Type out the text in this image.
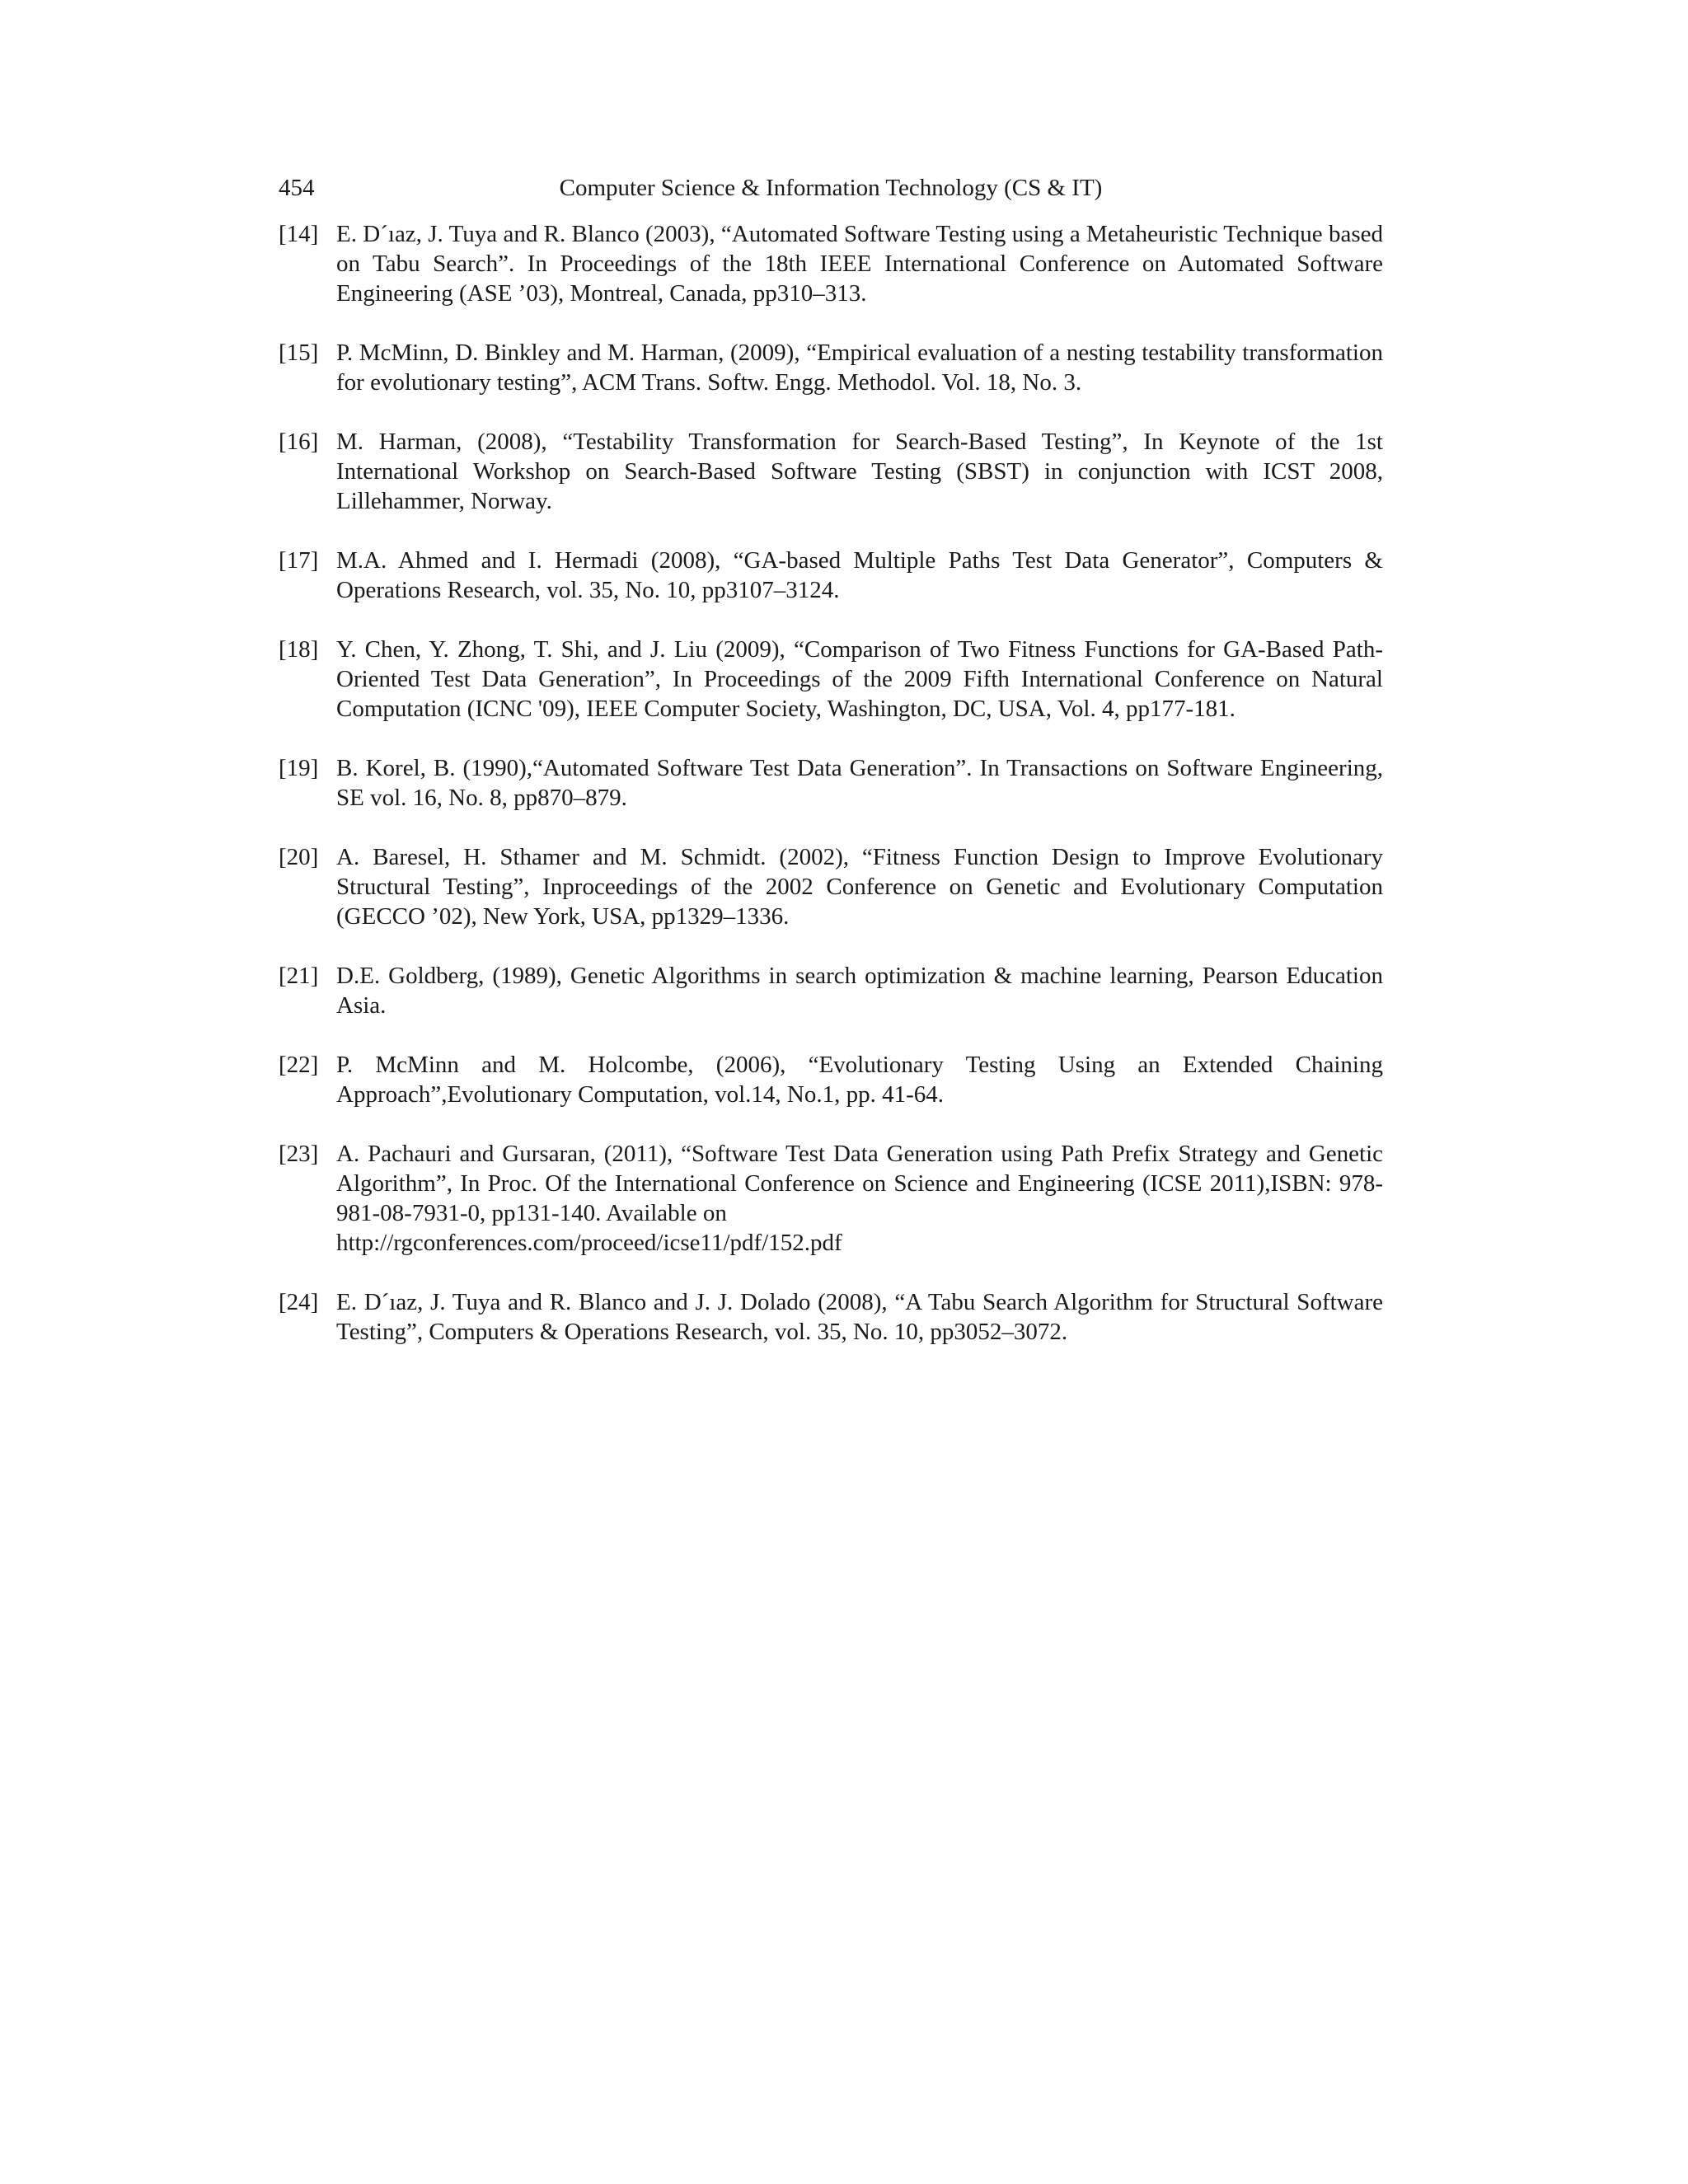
454	Computer Science & Information Technology (CS & IT)
[14] E. D´ıaz, J. Tuya and R. Blanco (2003), “Automated Software Testing using a Metaheuristic Technique based on Tabu Search”. In Proceedings of the 18th IEEE International Conference on Automated Software Engineering (ASE ’03), Montreal, Canada, pp310–313.
[15] P. McMinn, D. Binkley and M. Harman, (2009), “Empirical evaluation of a nesting testability transformation for evolutionary testing”, ACM Trans. Softw. Engg. Methodol. Vol. 18, No. 3.
[16] M. Harman, (2008), “Testability Transformation for Search-Based Testing”, In Keynote of the 1st International Workshop on Search-Based Software Testing (SBST) in conjunction with ICST 2008, Lillehammer, Norway.
[17] M.A. Ahmed and I. Hermadi (2008), “GA-based Multiple Paths Test Data Generator”, Computers & Operations Research, vol. 35, No. 10, pp3107–3124.
[18] Y. Chen, Y. Zhong, T. Shi, and J. Liu (2009), “Comparison of Two Fitness Functions for GA-Based Path-Oriented Test Data Generation”, In Proceedings of the 2009 Fifth International Conference on Natural Computation (ICNC '09), IEEE Computer Society, Washington, DC, USA, Vol. 4, pp177-181.
[19] B. Korel, B. (1990),“Automated Software Test Data Generation”. In Transactions on Software Engineering, SE vol. 16, No. 8, pp870–879.
[20] A. Baresel, H. Sthamer and M. Schmidt. (2002), “Fitness Function Design to Improve Evolutionary Structural Testing”, Inproceedings of the 2002 Conference on Genetic and Evolutionary Computation (GECCO ’02), New York, USA, pp1329–1336.
[21] D.E. Goldberg, (1989), Genetic Algorithms in search optimization & machine learning, Pearson Education Asia.
[22] P. McMinn and M. Holcombe, (2006), “Evolutionary Testing Using an Extended Chaining Approach”,Evolutionary Computation, vol.14, No.1, pp. 41-64.
[23] A. Pachauri and Gursaran, (2011), “Software Test Data Generation using Path Prefix Strategy and Genetic Algorithm”, In Proc. Of the International Conference on Science and Engineering (ICSE 2011),ISBN: 978-981-08-7931-0, pp131-140. Available on
http://rgconferences.com/proceed/icse11/pdf/152.pdf
[24] E. D´ıaz, J. Tuya and R. Blanco and J. J. Dolado (2008), “A Tabu Search Algorithm for Structural Software Testing”, Computers & Operations Research, vol. 35, No. 10, pp3052–3072.
